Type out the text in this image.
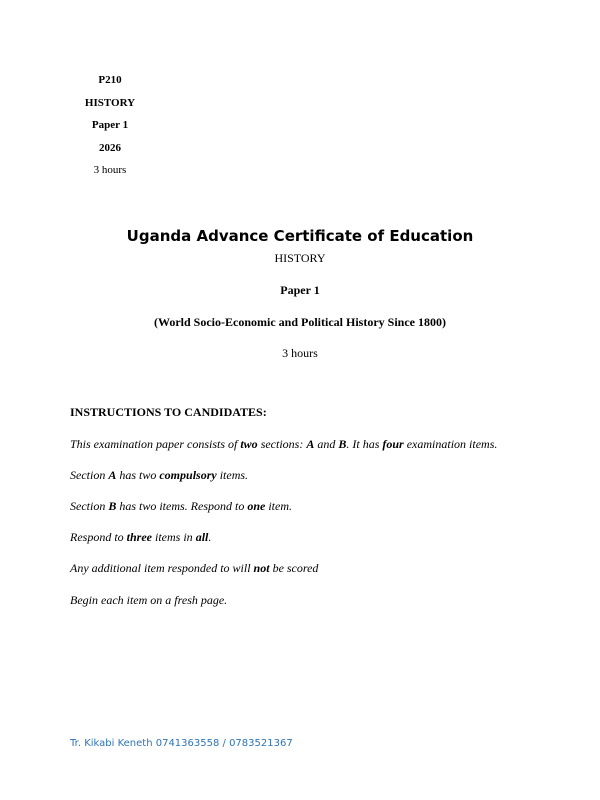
P210
HISTORY
Paper 1
2026
3 hours
Uganda Advance Certificate of Education
HISTORY
Paper 1
(World Socio-Economic and Political History Since 1800)
3 hours
INSTRUCTIONS TO CANDIDATES:
This examination paper consists of two sections: A and B. It has four examination items.
Section A has two compulsory items.
Section B has two items. Respond to one item.
Respond to three items in all.
Any additional item responded to will not be scored
Begin each item on a fresh page.
Tr. Kikabi Keneth 0741363558 / 0783521367
